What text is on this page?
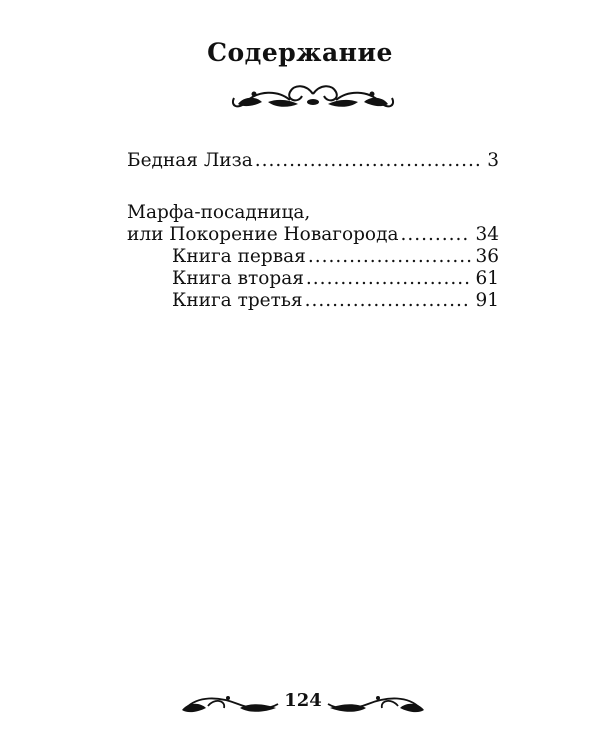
Содержание
Бедная Лиза .....	3
Марфа-посадница,
или Покорение Новагорода .....	34
Книга первая .....	36
Книга вторая .....	61
Книга третья .....	91
124
